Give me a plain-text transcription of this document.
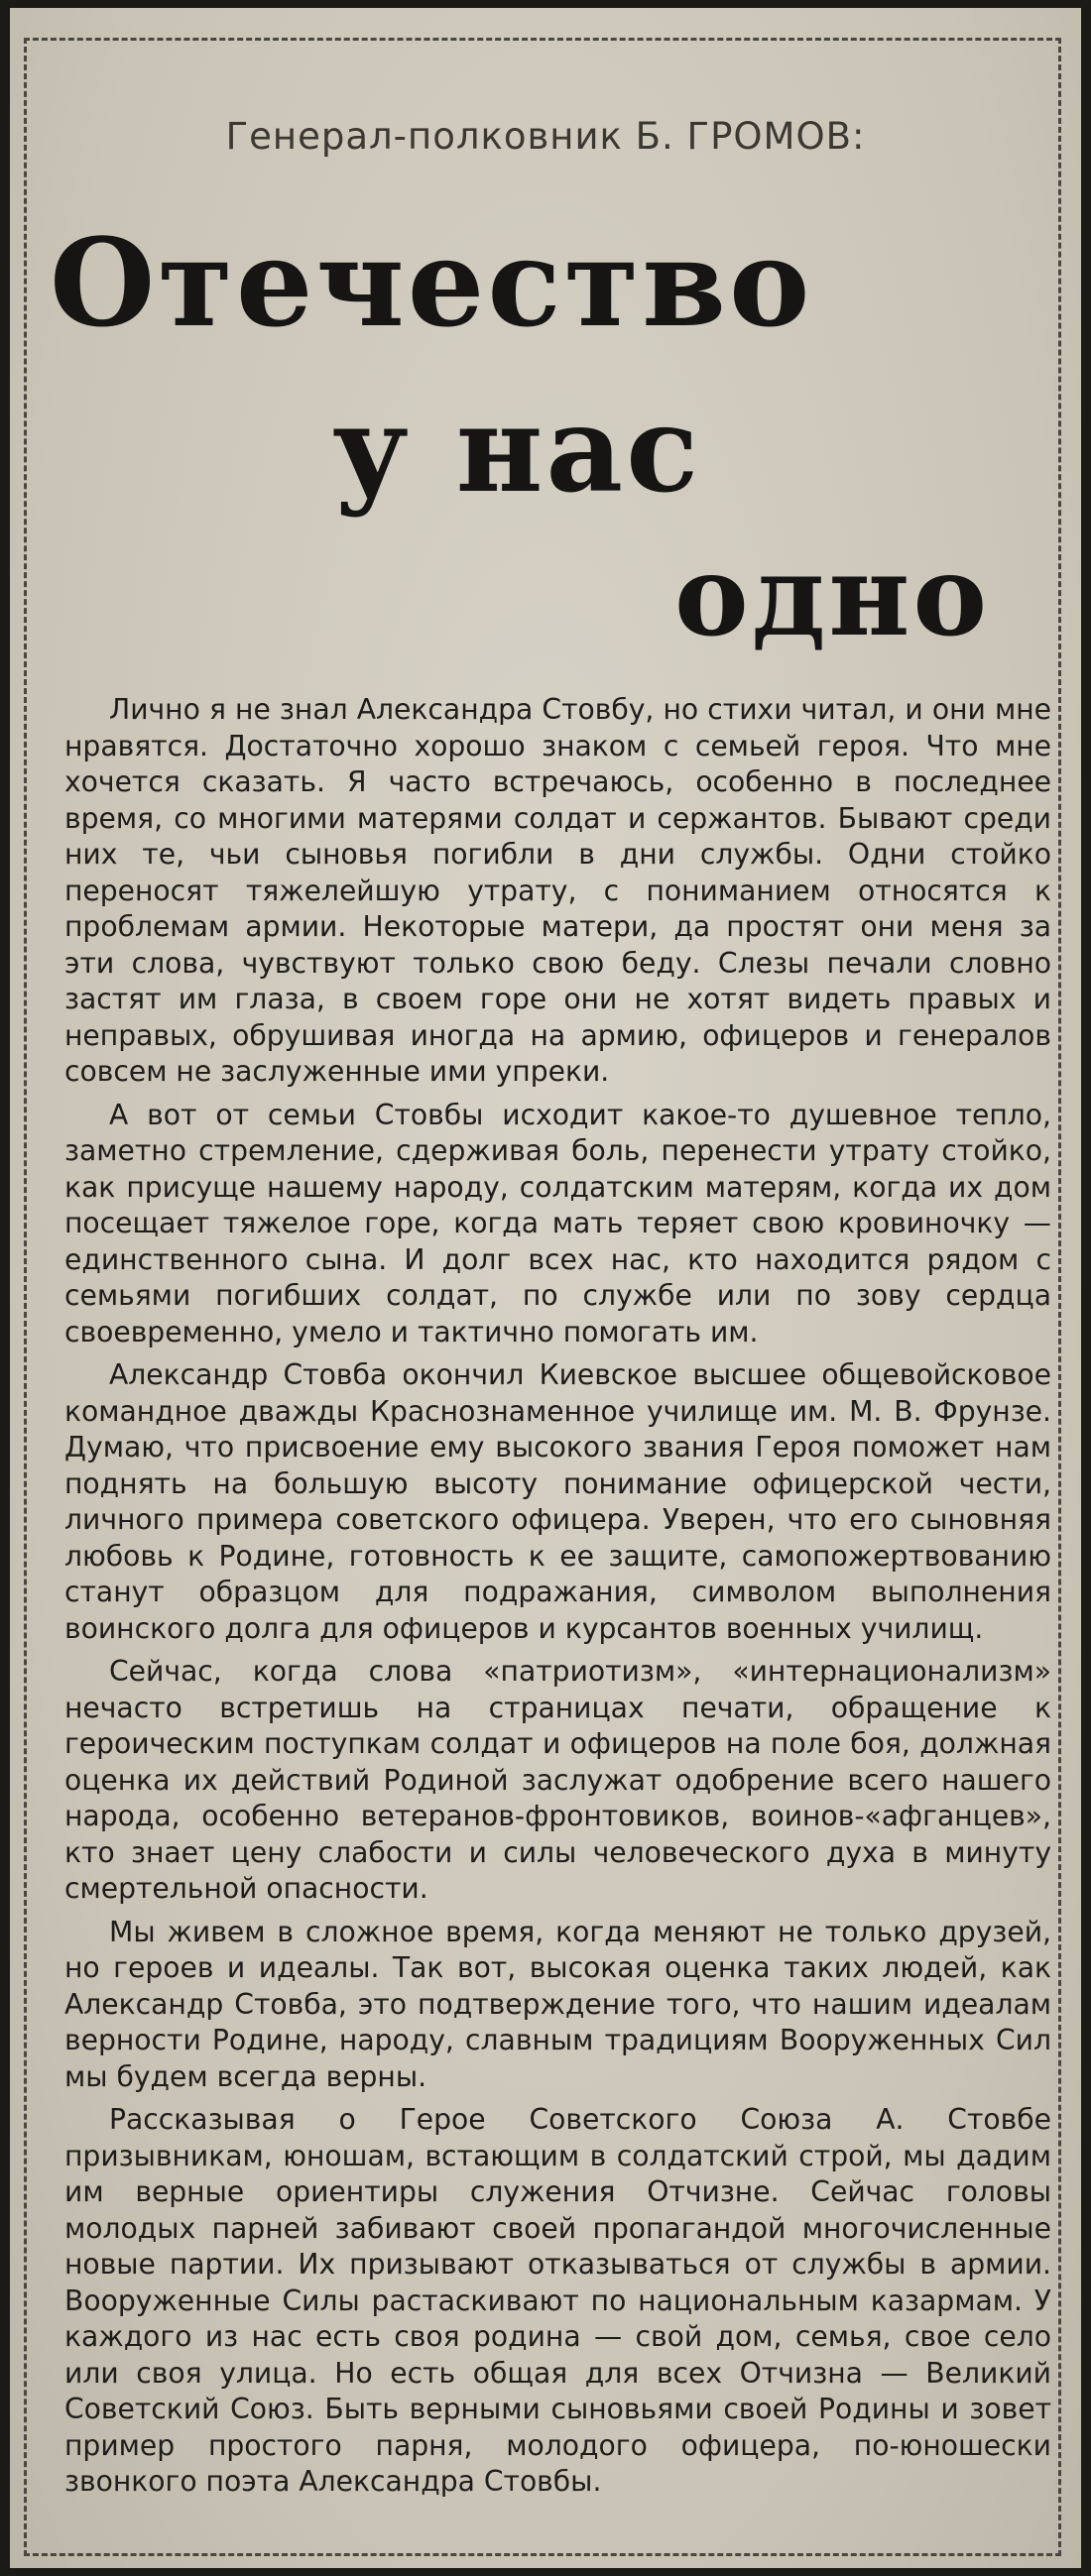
Генерал-полковник Б. ГРОМОВ:
Отечество
у нас
одно

Лично я не знал Александра Стовбу, но стихи читал, и они мне нравятся. Достаточно хорошо знаком с семьей героя. Что мне хочется сказать. Я часто встречаюсь, особенно в последнее время, со многими матерями солдат и сержантов. Бывают среди них те, чьи сыновья погибли в дни службы. Одни стойко переносят тяжелейшую утрату, с пониманием относятся к проблемам армии. Некоторые матери, да простят они меня за эти слова, чувствуют только свою беду. Слезы печали словно застят им глаза, в своем горе они не хотят видеть правых и неправых, обрушивая иногда на армию, офицеров и генералов совсем не заслуженные ими упреки.

А вот от семьи Стовбы исходит какое-то душевное тепло, заметно стремление, сдерживая боль, перенести утрату стойко, как присуще нашему народу, солдатским матерям, когда их дом посещает тяжелое горе, когда мать теряет свою кровиночку — единственного сына. И долг всех нас, кто находится рядом с семьями погибших солдат, по службе или по зову сердца своевременно, умело и тактично помогать им.

Александр Стовба окончил Киевское высшее общевойсковое командное дважды Краснознаменное училище им. М. В. Фрунзе. Думаю, что присвоение ему высокого звания Героя поможет нам поднять на большую высоту понимание офицерской чести, личного примера советского офицера. Уверен, что его сыновняя любовь к Родине, готовность к ее защите, самопожертвованию станут образцом для подражания, символом выполнения воинского долга для офицеров и курсантов военных училищ.

Сейчас, когда слова «патриотизм», «интернационализм» нечасто встретишь на страницах печати, обращение к героическим поступкам солдат и офицеров на поле боя, должная оценка их действий Родиной заслужат одобрение всего нашего народа, особенно ветеранов-фронтовиков, воинов-«афганцев», кто знает цену слабости и силы человеческого духа в минуту смертельной опасности.

Мы живем в сложное время, когда меняют не только друзей, но героев и идеалы. Так вот, высокая оценка таких людей, как Александр Стовба, это подтверждение того, что нашим идеалам верности Родине, народу, славным традициям Вооруженных Сил мы будем всегда верны.

Рассказывая о Герое Советского Союза А. Стовбе призывникам, юношам, встающим в солдатский строй, мы дадим им верные ориентиры служения Отчизне. Сейчас головы молодых парней забивают своей пропагандой многочисленные новые партии. Их призывают отказываться от службы в армии. Вооруженные Силы растаскивают по национальным казармам. У каждого из нас есть своя родина — свой дом, семья, свое село или своя улица. Но есть общая для всех Отчизна — Великий Советский Союз. Быть верными сыновьями своей Родины и зовет пример простого парня, молодого офицера, по-юношески звонкого поэта Александра Стовбы.
